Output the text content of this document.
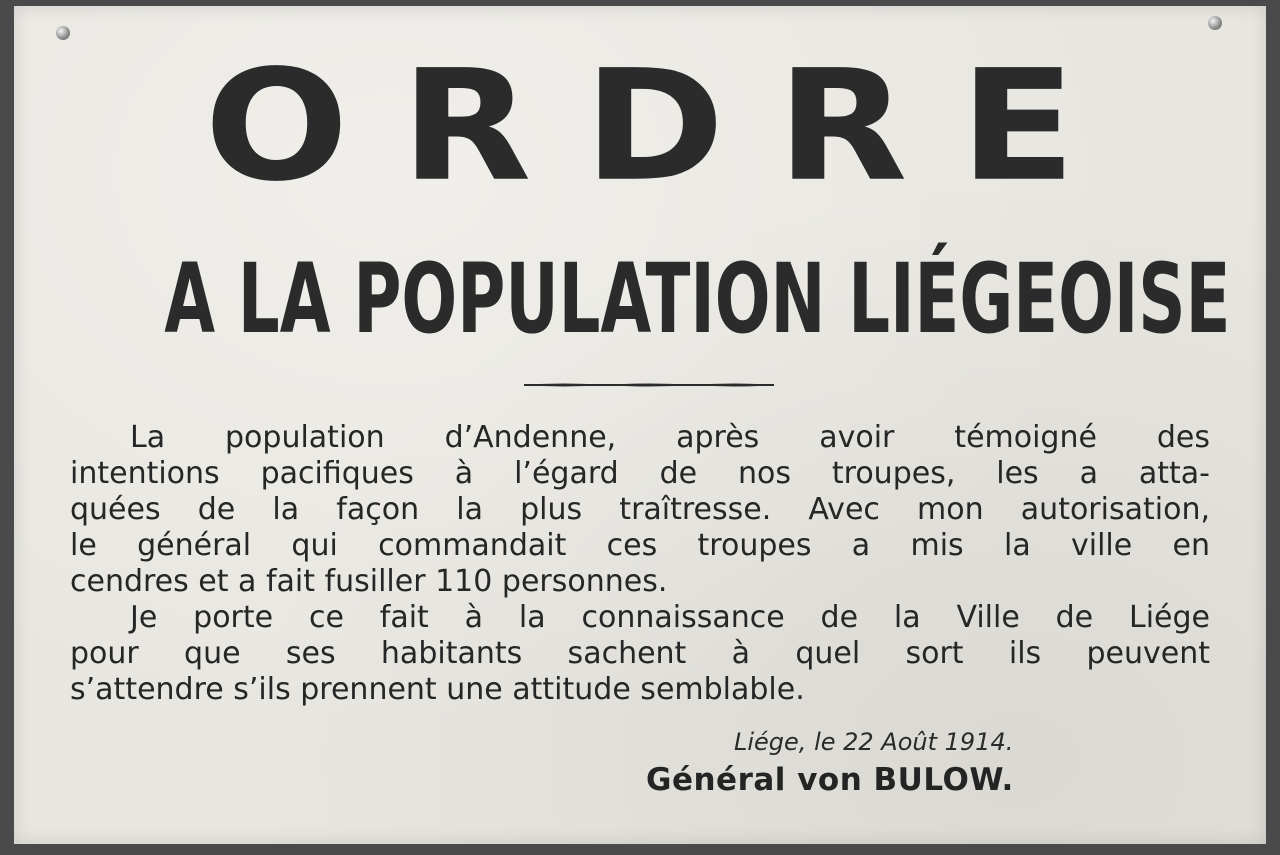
ORDRE
A LA POPULATION LIÉGEOISE
La population d’Andenne, après avoir témoigné des
intentions pacifiques à l’égard de nos troupes, les a atta-
quées de la façon la plus traîtresse. Avec mon autorisation,
le général qui commandait ces troupes a mis la ville en
cendres et a fait fusiller 110 personnes.
Je porte ce fait à la connaissance de la Ville de Liége
pour que ses habitants sachent à quel sort ils peuvent
s’attendre s’ils prennent une attitude semblable.
Liége, le 22 Août 1914.
Général von BULOW.
